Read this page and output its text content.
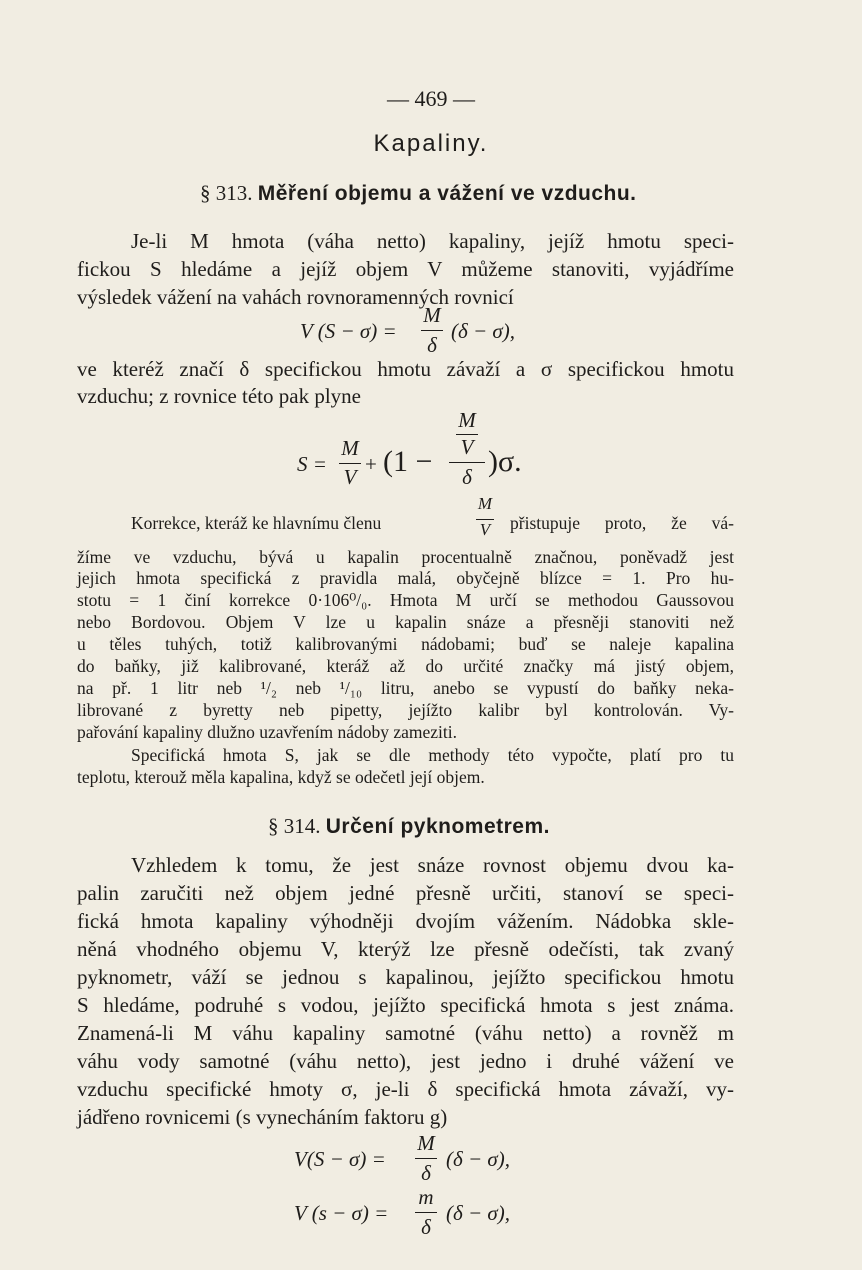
— 469 —
Kapaliny.
§ 313. Měření objemu a vážení ve vzduchu.
Je-li M hmota (váha netto) kapaliny, jejíž hmotu speci-
fickou S hledáme a jejíž objem V můžeme stanoviti, vyjádříme
výsledek vážení na vahách rovnoramenných rovnicí
V (S − σ) =
M
δ
(δ − σ),
ve kteréž značí δ specifickou hmotu závaží a σ specifickou hmotu
vzduchu; z rovnice této pak plyne
S =
M
V
+ (1 −
M
V
δ )σ.
Korrekce, kteráž ke hlavnímu členu
M
V přistupuje proto, že vá-
žíme ve vzduchu, bývá u kapalin procentualně značnou, poněvadž jest
jejich hmota specifická z pravidla malá, obyčejně blízce = 1. Pro hu-
stotu = 1 činí korrekce 0·106⁰/₀. Hmota M určí se methodou Gaussovou
nebo Bordovou. Objem V lze u kapalin snáze a přesněji stanoviti než
u těles tuhých, totiž kalibrovanými nádobami; buď se naleje kapalina
do baňky, již kalibrované, kteráž až do určité značky má jistý objem,
na př. 1 litr neb ¹/₂ neb ¹/₁₀ litru, anebo se vypustí do baňky neka-
librované z byretty neb pipetty, jejížto kalibr byl kontrolován. Vy-
pařování kapaliny dlužno uzavřením nádoby zameziti.
Specifická hmota S, jak se dle methody této vypočte, platí pro tu
teplotu, kterouž měla kapalina, když se odečetl její objem.
§ 314. Určení pyknometrem.
Vzhledem k tomu, že jest snáze rovnost objemu dvou ka-
palin zaručiti než objem jedné přesně určiti, stanoví se speci-
fická hmota kapaliny výhodněji dvojím vážením. Nádobka skle-
něná vhodného objemu V, kterýž lze přesně odečísti, tak zvaný
pyknometr, váží se jednou s kapalinou, jejížto specifickou hmotu
S hledáme, podruhé s vodou, jejížto specifická hmota s jest známa.
Znamená-li M váhu kapaliny samotné (váhu netto) a rovněž m
váhu vody samotné (váhu netto), jest jedno i druhé vážení ve
vzduchu specifické hmoty σ, je-li δ specifická hmota závaží, vy-
jádřeno rovnicemi (s vynecháním faktoru g)
V(S − σ) =
M
δ
(δ − σ),
V (s − σ) =
m
δ
(δ − σ),
